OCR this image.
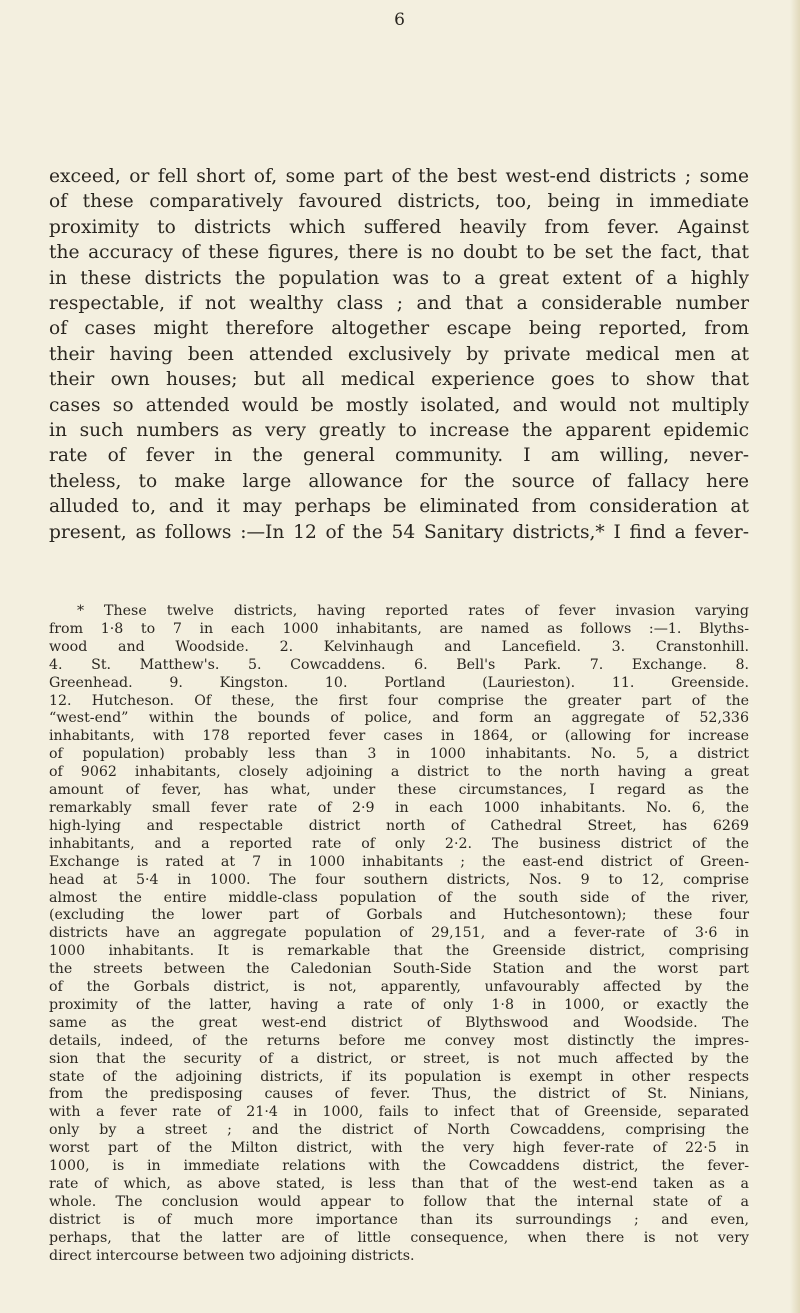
6
exceed, or fell short of, some part of the best west-end districts ; some
of these comparatively favoured districts, too, being in immediate
proximity to districts which suffered heavily from fever. Against
the accuracy of these figures, there is no doubt to be set the fact, that
in these districts the population was to a great extent of a highly
respectable, if not wealthy class ; and that a considerable number
of cases might therefore altogether escape being reported, from
their having been attended exclusively by private medical men at
their own houses; but all medical experience goes to show that
cases so attended would be mostly isolated, and would not multiply
in such numbers as very greatly to increase the apparent epidemic
rate of fever in the general community. I am willing, never-
theless, to make large allowance for the source of fallacy here
alluded to, and it may perhaps be eliminated from consideration at
present, as follows :—In 12 of the 54 Sanitary districts,* I find a fever-
* These twelve districts, having reported rates of fever invasion varying
from 1·8 to 7 in each 1000 inhabitants, are named as follows :—1. Blyths-
wood and Woodside. 2. Kelvinhaugh and Lancefield. 3. Cranstonhill.
4. St. Matthew's. 5. Cowcaddens. 6. Bell's Park. 7. Exchange. 8.
Greenhead. 9. Kingston. 10. Portland (Laurieston). 11. Greenside.
12. Hutcheson. Of these, the first four comprise the greater part of the
“west-end” within the bounds of police, and form an aggregate of 52,336
inhabitants, with 178 reported fever cases in 1864, or (allowing for increase
of population) probably less than 3 in 1000 inhabitants. No. 5, a district
of 9062 inhabitants, closely adjoining a district to the north having a great
amount of fever, has what, under these circumstances, I regard as the
remarkably small fever rate of 2·9 in each 1000 inhabitants. No. 6, the
high-lying and respectable district north of Cathedral Street, has 6269
inhabitants, and a reported rate of only 2·2. The business district of the
Exchange is rated at 7 in 1000 inhabitants ; the east-end district of Green-
head at 5·4 in 1000. The four southern districts, Nos. 9 to 12, comprise
almost the entire middle-class population of the south side of the river,
(excluding the lower part of Gorbals and Hutchesontown); these four
districts have an aggregate population of 29,151, and a fever-rate of 3·6 in
1000 inhabitants. It is remarkable that the Greenside district, comprising
the streets between the Caledonian South-Side Station and the worst part
of the Gorbals district, is not, apparently, unfavourably affected by the
proximity of the latter, having a rate of only 1·8 in 1000, or exactly the
same as the great west-end district of Blythswood and Woodside. The
details, indeed, of the returns before me convey most distinctly the impres-
sion that the security of a district, or street, is not much affected by the
state of the adjoining districts, if its population is exempt in other respects
from the predisposing causes of fever. Thus, the district of St. Ninians,
with a fever rate of 21·4 in 1000, fails to infect that of Greenside, separated
only by a street ; and the district of North Cowcaddens, comprising the
worst part of the Milton district, with the very high fever-rate of 22·5 in
1000, is in immediate relations with the Cowcaddens district, the fever-
rate of which, as above stated, is less than that of the west-end taken as a
whole. The conclusion would appear to follow that the internal state of a
district is of much more importance than its surroundings ; and even,
perhaps, that the latter are of little consequence, when there is not very
direct intercourse between two adjoining districts.
